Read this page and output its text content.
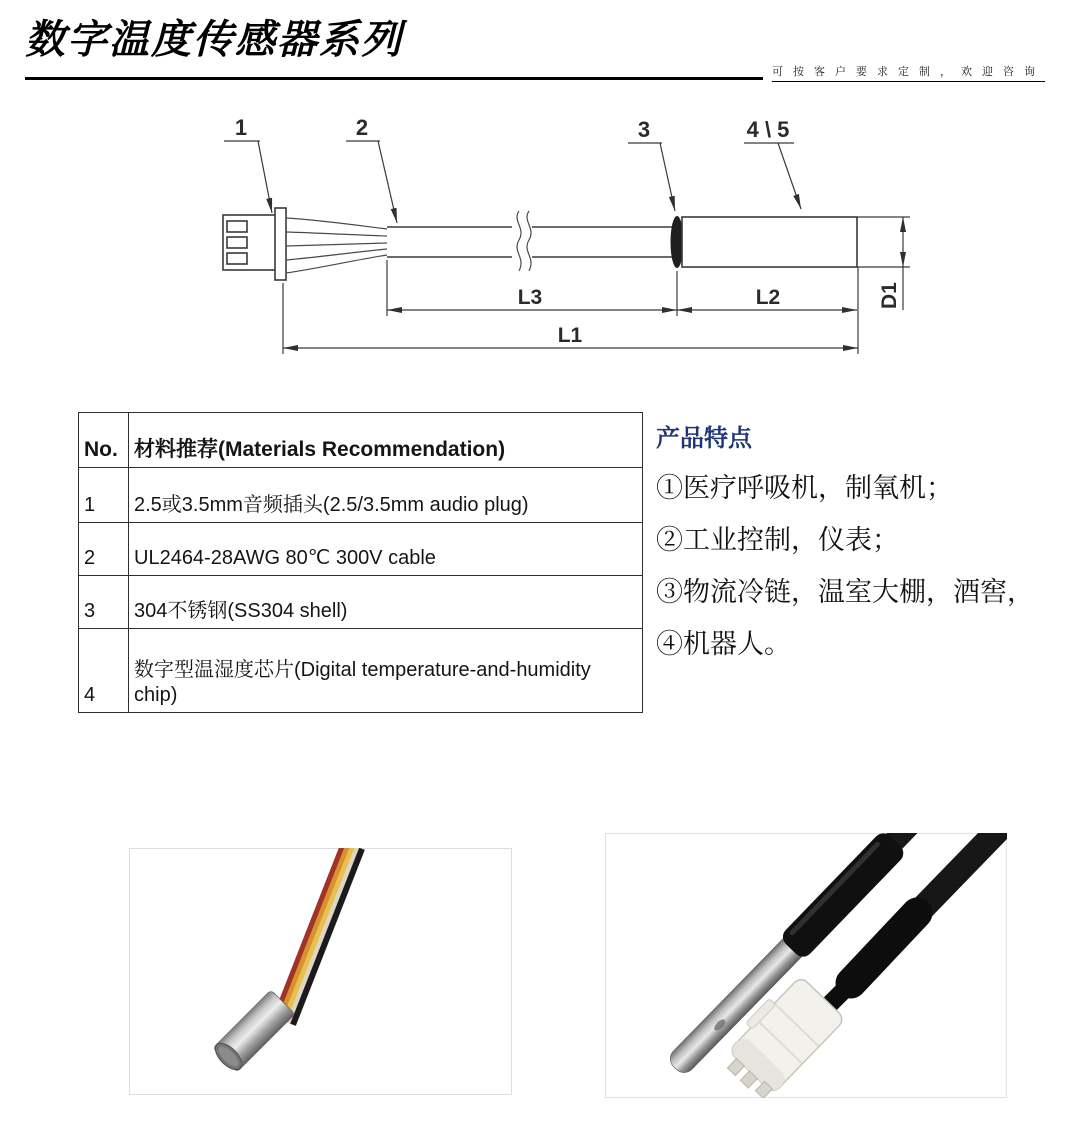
数字温度传感器系列
可按客户要求定制，欢迎咨询
L3	L2
L1
D1
1	2	3	4 \ 5
No.	材料推荐(Materials Recommendation)
1	2.5或3.5mm音频插头(2.5/3.5mm audio plug)
2	UL2464-28AWG 80℃ 300V cable
3	304不锈钢(SS304 shell)
4	数字型温湿度芯片(Digital temperature-and-humidity chip)
产品特点
①医疗呼吸机，制氧机；
②工业控制，仪表；
③物流冷链，温室大棚，酒窖，
④机器人。
